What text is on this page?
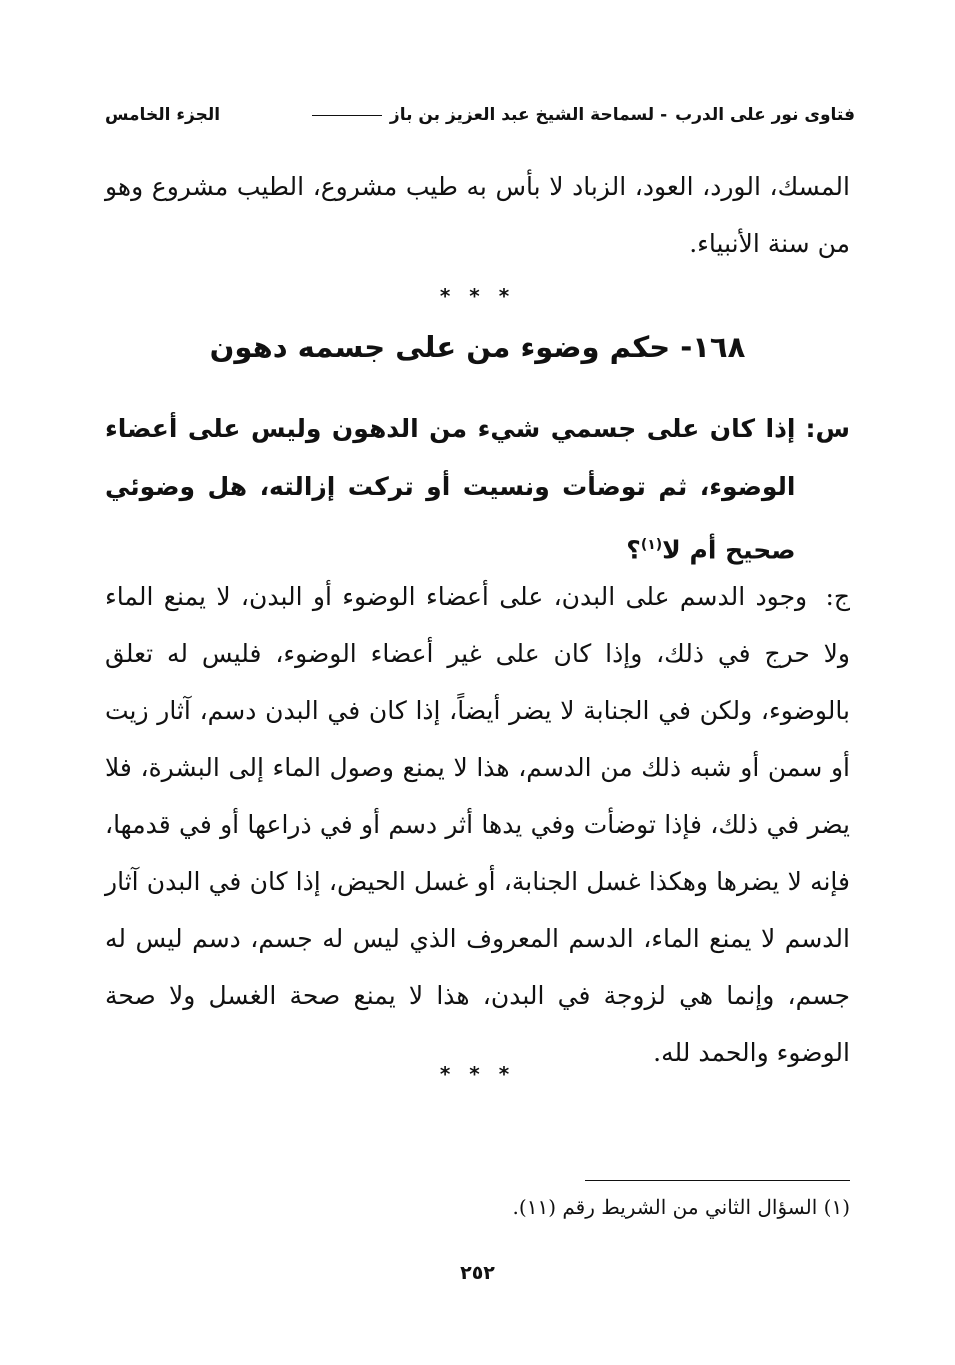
فتاوى نور على الدرب
- لسماحة الشيخ عبد العزيز بن باز
الجزء الخامس
المسك، الورد، العود، الزباد لا بأس به طيب مشروع، الطيب مشروع وهو من سنة الأنبياء.
* * *
١٦٨- حكم وضوء من على جسمه دهون
س:
إذا كان على جسمي شيء من الدهون وليس على أعضاء الوضوء، ثم توضأت ونسيت أو تركت إزالته، هل وضوئي صحيح أم لا$^{(١)}$؟
ج: وجود الدسم على البدن، على أعضاء الوضوء أو البدن، لا يمنع الماء ولا حرج في ذلك، وإذا كان على غير أعضاء الوضوء، فليس له تعلق بالوضوء، ولكن في الجنابة لا يضر أيضاً، إذا كان في البدن دسم، آثار زيت أو سمن أو شبه ذلك من الدسم، هذا لا يمنع وصول الماء إلى البشرة، فلا يضر في ذلك، فإذا توضأت وفي يدها أثر دسم أو في ذراعها أو في قدمها، فإنه لا يضرها وهكذا غسل الجنابة، أو غسل الحيض، إذا كان في البدن آثار الدسم لا يمنع الماء، الدسم المعروف الذي ليس له جسم، دسم ليس له جسم، وإنما هي لزوجة في البدن، هذا لا يمنع صحة الغسل ولا صحة الوضوء والحمد لله.
* * *
(١) السؤال الثاني من الشريط رقم (١١).
٢٥٢
